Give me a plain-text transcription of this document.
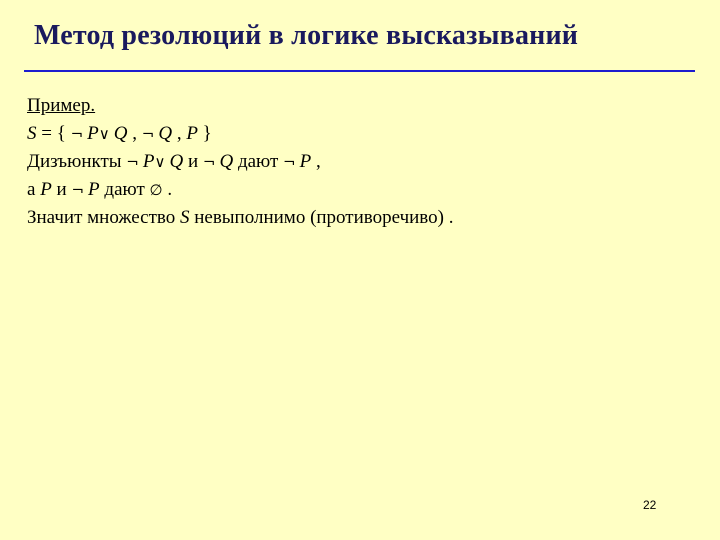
Метод резолюций в логике высказываний
Пример.
S = { ¬ P∨ Q , ¬ Q , P }
Дизъюнкты ¬ P∨ Q и ¬ Q дают ¬ P ,
а P и ¬ P дают ∅ .
Значит множество S невыполнимо (противоречиво) .
22
